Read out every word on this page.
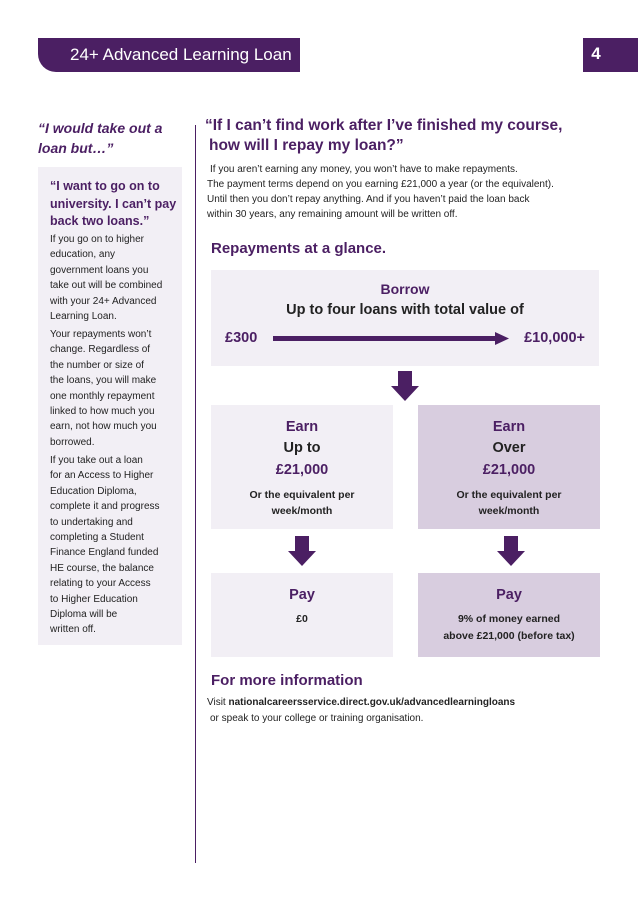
24+ Advanced Learning Loan	4
“I would take out a loan but…”
“I want to go on to university. I can’t pay back two loans.”
If you go on to higher
education, any
government loans you
take out will be combined
with your 24+ Advanced
Learning Loan.
Your repayments won’t
change. Regardless of
the number or size of
the loans, you will make
one monthly repayment
linked to how much you
earn, not how much you
borrowed.
If you take out a loan
for an Access to Higher
Education Diploma,
complete it and progress
to undertaking and
completing a Student
Finance England funded
HE course, the balance
relating to your Access
to Higher Education
Diploma will be
written off.
“If I can’t find work after I’ve finished my course,
how will I repay my loan?”
If you aren’t earning any money, you won’t have to make repayments.
The payment terms depend on you earning £21,000 a year (or the equivalent).
Until then you don’t repay anything. And if you haven’t paid the loan back
within 30 years, any remaining amount will be written off.
Repayments at a glance.
Borrow
Up to four loans with total value of
£300	£10,000+
Earn
Up to
£21,000
Or the equivalent per week/month
Earn
Over
£21,000
Or the equivalent per week/month
Pay
£0
Pay
9% of money earned
above £21,000 (before tax)
For more information
Visit nationalcareersservice.direct.gov.uk/advancedlearningloans
or speak to your college or training organisation.
